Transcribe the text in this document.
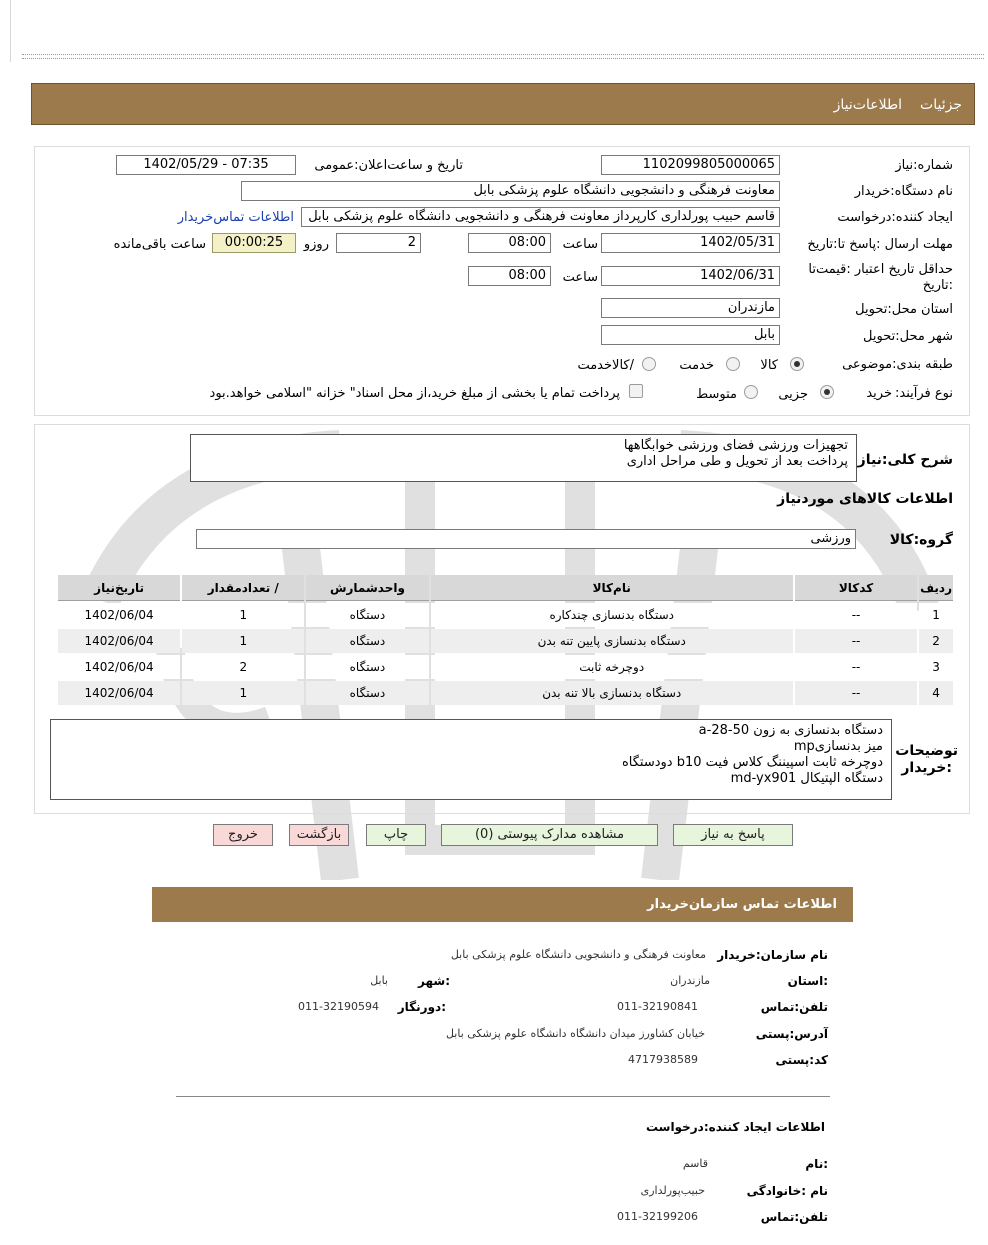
جزئیات
اطلاعات‌نیاز
شماره:نیاز
1102099805000065
تاریخ و ساعت‌اعلان:عمومی
1402/05/29 - 07:35
نام دستگاه:خریدار
معاونت فرهنگی و دانشجویی دانشگاه علوم پزشکی بابل
ایجاد کننده:درخواست
قاسم حبیب پورلداری کارپرداز معاونت فرهنگی و دانشجویی دانشگاه علوم پزشکی بابل
اطلاعات تماس‌خریدار
مهلت ارسال :پاسخ تا:تاریخ
1402/05/31
ساعت
08:00
2
روزو
00:00:25
ساعت باقی‌مانده
حداقل تاریخ اعتبار :قیمت‌تا :تاریخ
1402/06/31
ساعت
08:00
استان محل:تحویل
مازندران
شهر محل:تحویل
بابل
طبقه بندی:موضوعی
کالا
خدمت
/کالاخدمت
نوع فرآیند:
خرید
جزیی
متوسط
پرداخت تمام یا بخشی از مبلغ خرید،از محل اسناد" خزانه "اسلامی خواهد.بود
شرح کلی:نیاز
تجهیزات ورزشی فضای ورزشی خوابگاهها
پرداخت بعد از تحویل و طی مراحل اداری
اطلاعات کالاهای موردنیاز
گروه:کالا
ورزشی
ردیف	کدکالا	نام‌کالا	واحدشمارش	/ تعدادمقدار	تاریخ‌نیاز
1	--	دستگاه بدنسازی چندکاره	دستگاه	1	1402/06/04
2	--	دستگاه بدنسازی پایین تنه بدن	دستگاه	1	1402/06/04
3	--	دوچرخه ثابت	دستگاه	2	1402/06/04
4	--	دستگاه بدنسازی بالا تنه بدن	دستگاه	1	1402/06/04
توضیحات
:خریدار
دستگاه بدنسازی به زون 50-28-a
میز بدنسازیmp
دوچرخه ثابت اسپیننگ کلاس فیت b10 دودستگاه
دستگاه الپتیکال md-yx901
پاسخ به نیاز
مشاهده مدارک پیوستی (0)
چاپ
بازگشت
خروج
اطلاعات تماس سازمان‌خریدار
نام سازمان:خریدار
معاونت فرهنگی و دانشجویی دانشگاه علوم پزشکی بابل
:استان
مازندران
:شهر
بابل
تلفن:تماس
011-32190841
:دورنگار
011-32190594
آدرس:پستی
خیابان کشاورز میدان دانشگاه دانشگاه علوم پزشکی بابل
کد:پستی
4717938589
اطلاعات ایجاد کننده:درخواست
:نام
قاسم
نام :خانوادگی
حبیب‌پورلداری
تلفن:تماس
011-32199206
